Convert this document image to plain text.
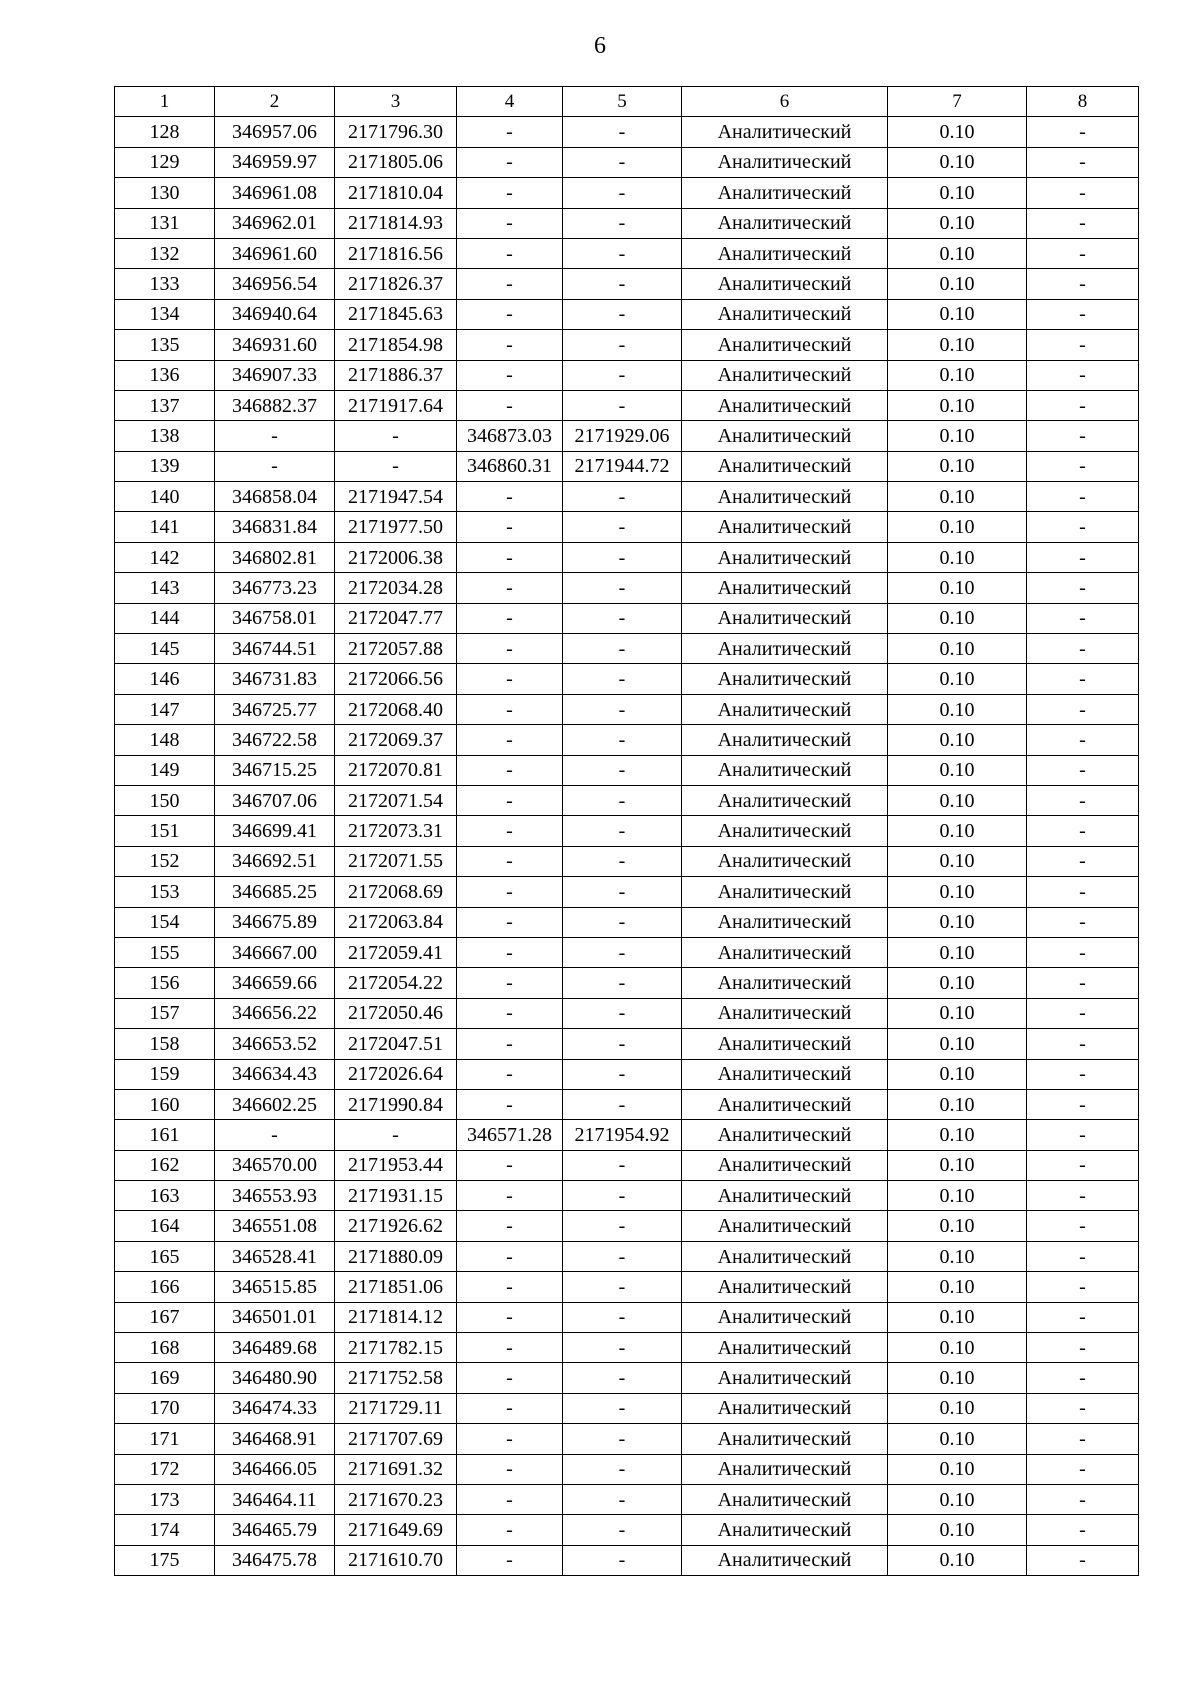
6
1	2	3	4	5	6	7	8
128	346957.06	2171796.30	-	-	Аналитический	0.10	-
129	346959.97	2171805.06	-	-	Аналитический	0.10	-
130	346961.08	2171810.04	-	-	Аналитический	0.10	-
131	346962.01	2171814.93	-	-	Аналитический	0.10	-
132	346961.60	2171816.56	-	-	Аналитический	0.10	-
133	346956.54	2171826.37	-	-	Аналитический	0.10	-
134	346940.64	2171845.63	-	-	Аналитический	0.10	-
135	346931.60	2171854.98	-	-	Аналитический	0.10	-
136	346907.33	2171886.37	-	-	Аналитический	0.10	-
137	346882.37	2171917.64	-	-	Аналитический	0.10	-
138	-	-	346873.03	2171929.06	Аналитический	0.10	-
139	-	-	346860.31	2171944.72	Аналитический	0.10	-
140	346858.04	2171947.54	-	-	Аналитический	0.10	-
141	346831.84	2171977.50	-	-	Аналитический	0.10	-
142	346802.81	2172006.38	-	-	Аналитический	0.10	-
143	346773.23	2172034.28	-	-	Аналитический	0.10	-
144	346758.01	2172047.77	-	-	Аналитический	0.10	-
145	346744.51	2172057.88	-	-	Аналитический	0.10	-
146	346731.83	2172066.56	-	-	Аналитический	0.10	-
147	346725.77	2172068.40	-	-	Аналитический	0.10	-
148	346722.58	2172069.37	-	-	Аналитический	0.10	-
149	346715.25	2172070.81	-	-	Аналитический	0.10	-
150	346707.06	2172071.54	-	-	Аналитический	0.10	-
151	346699.41	2172073.31	-	-	Аналитический	0.10	-
152	346692.51	2172071.55	-	-	Аналитический	0.10	-
153	346685.25	2172068.69	-	-	Аналитический	0.10	-
154	346675.89	2172063.84	-	-	Аналитический	0.10	-
155	346667.00	2172059.41	-	-	Аналитический	0.10	-
156	346659.66	2172054.22	-	-	Аналитический	0.10	-
157	346656.22	2172050.46	-	-	Аналитический	0.10	-
158	346653.52	2172047.51	-	-	Аналитический	0.10	-
159	346634.43	2172026.64	-	-	Аналитический	0.10	-
160	346602.25	2171990.84	-	-	Аналитический	0.10	-
161	-	-	346571.28	2171954.92	Аналитический	0.10	-
162	346570.00	2171953.44	-	-	Аналитический	0.10	-
163	346553.93	2171931.15	-	-	Аналитический	0.10	-
164	346551.08	2171926.62	-	-	Аналитический	0.10	-
165	346528.41	2171880.09	-	-	Аналитический	0.10	-
166	346515.85	2171851.06	-	-	Аналитический	0.10	-
167	346501.01	2171814.12	-	-	Аналитический	0.10	-
168	346489.68	2171782.15	-	-	Аналитический	0.10	-
169	346480.90	2171752.58	-	-	Аналитический	0.10	-
170	346474.33	2171729.11	-	-	Аналитический	0.10	-
171	346468.91	2171707.69	-	-	Аналитический	0.10	-
172	346466.05	2171691.32	-	-	Аналитический	0.10	-
173	346464.11	2171670.23	-	-	Аналитический	0.10	-
174	346465.79	2171649.69	-	-	Аналитический	0.10	-
175	346475.78	2171610.70	-	-	Аналитический	0.10	-
